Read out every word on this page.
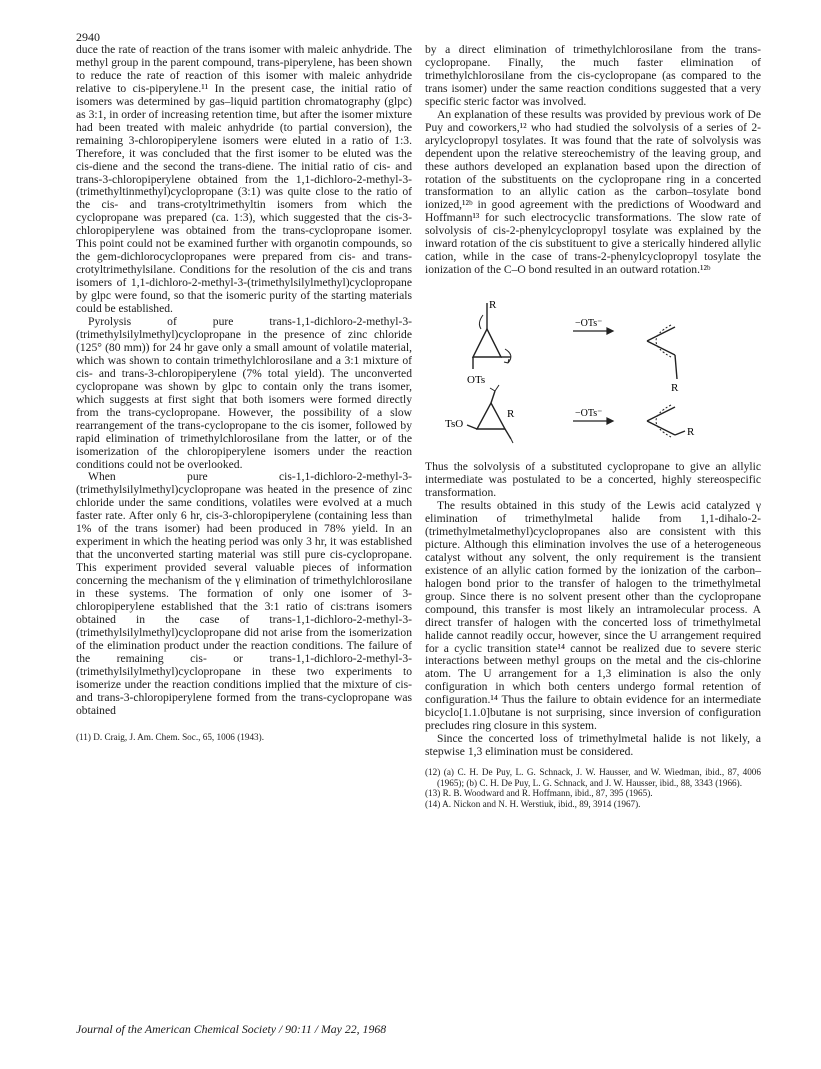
2940

duce the rate of reaction of the trans isomer with maleic anhydride. The methyl group in the parent compound, trans-piperylene, has been shown to reduce the rate of reaction of this isomer with maleic anhydride relative to cis-piperylene.¹¹ In the present case, the initial ratio of isomers was determined by gas–liquid partition chromatography (glpc) as 3:1, in order of increasing retention time, but after the isomer mixture had been treated with maleic anhydride (to partial conversion), the remaining 3-chloropiperylene isomers were eluted in a ratio of 1:3. Therefore, it was concluded that the first isomer to be eluted was the cis-diene and the second the trans-diene. The initial ratio of cis- and trans-3-chloropiperylene obtained from the 1,1-dichloro-2-methyl-3-(trimethyltinmethyl)cyclopropane (3:1) was quite close to the ratio of the cis- and trans-crotyltrimethyltin isomers from which the cyclopropane was prepared (ca. 1:3), which suggested that the cis-3-chloropiperylene was obtained from the trans-cyclopropane isomer. This point could not be examined further with organotin compounds, so the gem-dichlorocyclopropanes were prepared from cis- and trans-crotyltrimethylsilane. Conditions for the resolution of the cis and trans isomers of 1,1-dichloro-2-methyl-3-(trimethylsilylmethyl)cyclopropane by glpc were found, so that the isomeric purity of the starting materials could be established.

Pyrolysis of pure trans-1,1-dichloro-2-methyl-3-(trimethylsilylmethyl)cyclopropane in the presence of zinc chloride (125° (80 mm)) for 24 hr gave only a small amount of volatile material, which was shown to contain trimethylchlorosilane and a 3:1 mixture of cis- and trans-3-chloropiperylene (7% total yield). The unconverted cyclopropane was shown by glpc to contain only the trans isomer, which suggests at first sight that both isomers were formed directly from the trans-cyclopropane. However, the possibility of a slow rearrangement of the trans-cyclopropane to the cis isomer, followed by rapid elimination of trimethylchlorosilane from the latter, or of the isomerization of the chloropiperylene isomers under the reaction conditions could not be overlooked.

When pure cis-1,1-dichloro-2-methyl-3-(trimethylsilylmethyl)cyclopropane was heated in the presence of zinc chloride under the same conditions, volatiles were evolved at a much faster rate. After only 6 hr, cis-3-chloropiperylene (containing less than 1% of the trans isomer) had been produced in 78% yield. In an experiment in which the heating period was only 3 hr, it was established that the unconverted starting material was still pure cis-cyclopropane. This experiment provided several valuable pieces of information concerning the mechanism of the γ elimination of trimethylchlorosilane in these systems. The formation of only one isomer of 3-chloropiperylene established that the 3:1 ratio of cis:trans isomers obtained in the case of trans-1,1-dichloro-2-methyl-3-(trimethylsilylmethyl)cyclopropane did not arise from the isomerization of the elimination product under the reaction conditions. The failure of the remaining cis- or trans-1,1-dichloro-2-methyl-3-(trimethylsilylmethyl)cyclopropane in these two experiments to isomerize under the reaction conditions implied that the mixture of cis- and trans-3-chloropiperylene formed from the trans-cyclopropane was obtained

(11) D. Craig, J. Am. Chem. Soc., 65, 1006 (1943).

by a direct elimination of trimethylchlorosilane from the trans-cyclopropane. Finally, the much faster elimination of trimethylchlorosilane from the cis-cyclopropane (as compared to the trans isomer) under the same reaction conditions suggested that a very specific steric factor was involved.

An explanation of these results was provided by previous work of De Puy and coworkers,¹² who had studied the solvolysis of a series of 2-arylcyclopropyl tosylates. It was found that the rate of solvolysis was dependent upon the relative stereochemistry of the leaving group, and these authors developed an explanation based upon the direction of rotation of the substituents on the cyclopropane ring in a concerted transformation to an allylic cation as the carbon–tosylate bond ionized,¹²ᵇ in good agreement with the predictions of Woodward and Hoffmann¹³ for such electrocyclic transformations. The slow rate of solvolysis of cis-2-phenylcyclopropyl tosylate was explained by the inward rotation of the cis substituent to give a sterically hindered allylic cation, while in the case of trans-2-phenylcyclopropyl tosylate the ionization of the C–O bond resulted in an outward rotation.¹²ᵇ

R
OTs
−OTs⁻
R
TsO
R	−OTs⁻
R

Thus the solvolysis of a substituted cyclopropane to give an allylic intermediate was postulated to be a concerted, highly stereospecific transformation.

The results obtained in this study of the Lewis acid catalyzed γ elimination of trimethylmetal halide from 1,1-dihalo-2-(trimethylmetalmethyl)cyclopropanes also are consistent with this picture. Although this elimination involves the use of a heterogeneous catalyst without any solvent, the only requirement is the transient existence of an allylic cation formed by the ionization of the carbon–halogen bond prior to the transfer of halogen to the trimethylmetal group. Since there is no solvent present other than the cyclopropane compound, this transfer is most likely an intramolecular process. A direct transfer of halogen with the concerted loss of trimethylmetal halide cannot readily occur, however, since the U arrangement required for a cyclic transition state¹⁴ cannot be realized due to severe steric interactions between methyl groups on the metal and the cis-chlorine atom. The U arrangement for a 1,3 elimination is also the only configuration in which both centers undergo formal retention of configuration.¹⁴ Thus the failure to obtain evidence for an intermediate bicyclo[1.1.0]butane is not surprising, since inversion of configuration precludes ring closure in this system.

Since the concerted loss of trimethylmetal halide is not likely, a stepwise 1,3 elimination must be considered.

(12) (a) C. H. De Puy, L. G. Schnack, J. W. Hausser, and W. Wiedman, ibid., 87, 4006 (1965); (b) C. H. De Puy, L. G. Schnack, and J. W. Hausser, ibid., 88, 3343 (1966).
(13) R. B. Woodward and R. Hoffmann, ibid., 87, 395 (1965).
(14) A. Nickon and N. H. Werstiuk, ibid., 89, 3914 (1967).
Journal of the American Chemical Society / 90:11 / May 22, 1968
